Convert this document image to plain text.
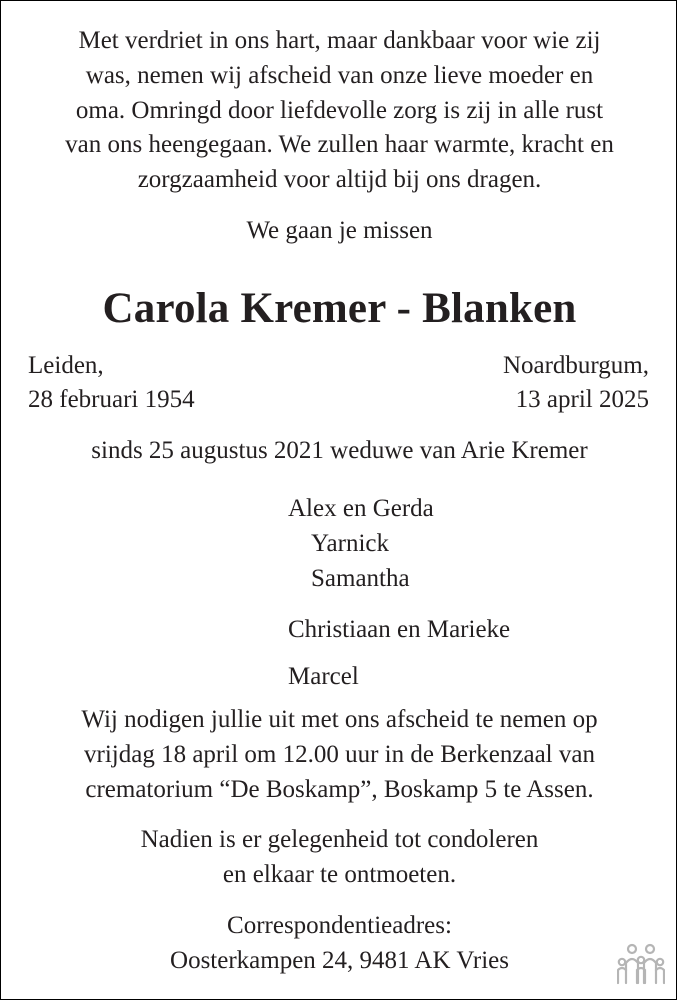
Met verdriet in ons hart, maar dankbaar voor wie zij

was, nemen wij afscheid van onze lieve moeder en

oma. Omringd door liefdevolle zorg is zij in alle rust

van ons heengegaan. We zullen haar warmte, kracht en

zorgzaamheid voor altijd bij ons dragen.

We gaan je missen

Carola Kremer - Blanken

Leiden,

28 februari 1954

Noardburgum,

13 april 2025

sinds 25 augustus 2021 weduwe van Arie Kremer

Alex en Gerda

Yarnick

Samantha

Christiaan en Marieke

Marcel

Wij nodigen jullie uit met ons afscheid te nemen op

vrijdag 18 april om 12.00 uur in de Berkenzaal van

crematorium “De Boskamp”, Boskamp 5 te Assen.

Nadien is er gelegenheid tot condoleren

en elkaar te ontmoeten.

Correspondentieadres:

Oosterkampen 24, 9481 AK Vries
